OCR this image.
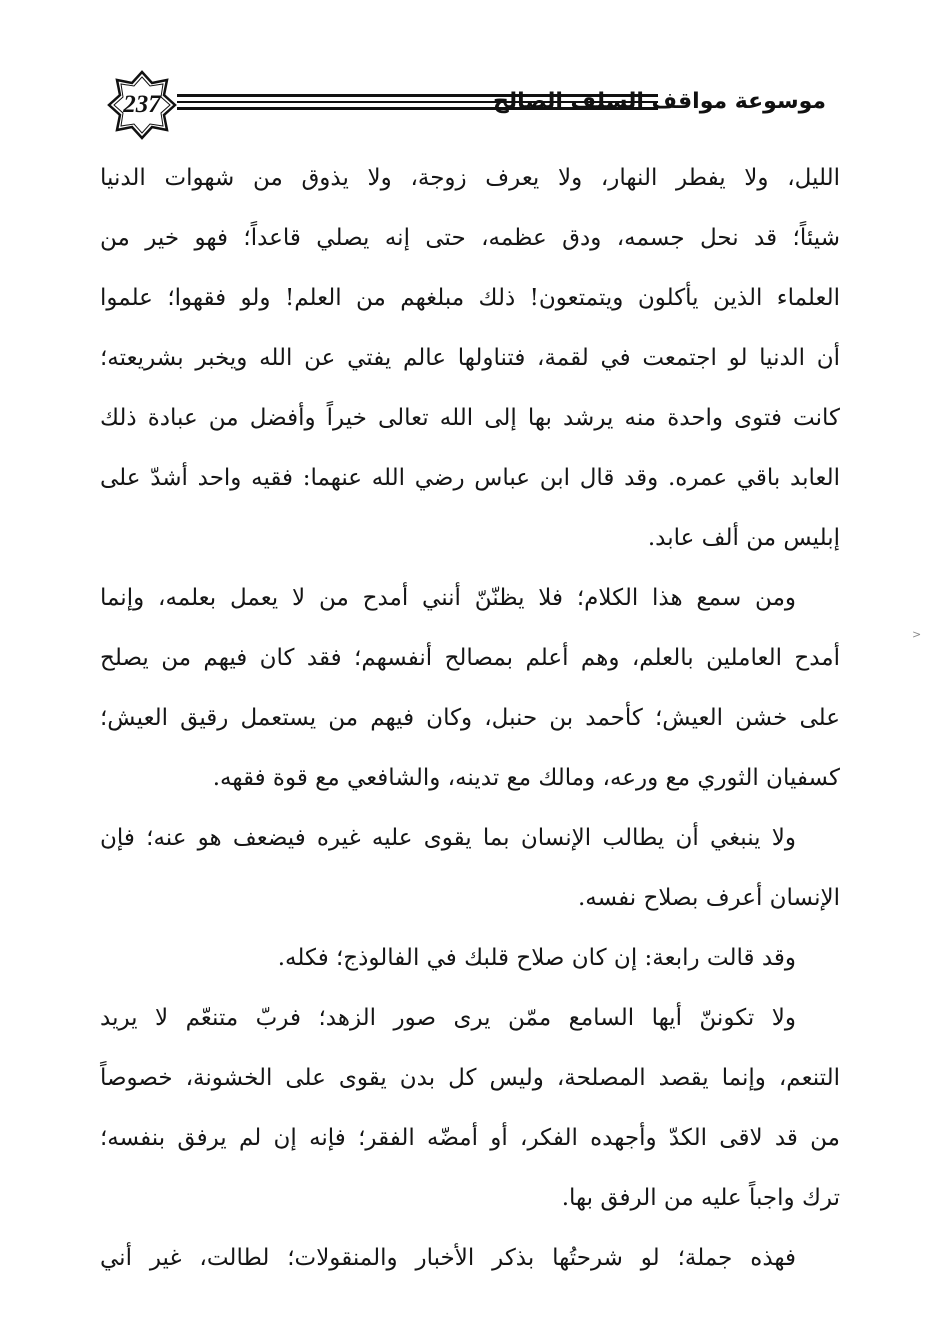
237	موسوعة مواقف السلف الصالح
الليل، ولا يفطر النهار، ولا يعرف زوجة، ولا يذوق من شهوات الدنيا
شيئاً؛ قد نحل جسمه، ودق عظمه، حتى إنه يصلي قاعداً؛ فهو خير من
العلماء الذين يأكلون ويتمتعون! ذلك مبلغهم من العلم! ولو فقهوا؛ علموا
أن الدنيا لو اجتمعت في لقمة، فتناولها عالم يفتي عن الله ويخبر بشريعته؛
كانت فتوى واحدة منه يرشد بها إلى الله تعالى خيراً وأفضل من عبادة ذلك
العابد باقي عمره. وقد قال ابن عباس رضي الله عنهما: فقيه واحد أشدّ على
إبليس من ألف عابد.
ومن سمع هذا الكلام؛ فلا يظنّنّ أنني أمدح من لا يعمل بعلمه، وإنما
أمدح العاملين بالعلم، وهم أعلم بمصالح أنفسهم؛ فقد كان فيهم من يصلح
على خشن العيش؛ كأحمد بن حنبل، وكان فيهم من يستعمل رقيق العيش؛
كسفيان الثوري مع ورعه، ومالك مع تدينه، والشافعي مع قوة فقهه.
ولا ينبغي أن يطالب الإنسان بما يقوى عليه غيره فيضعف هو عنه؛ فإن
الإنسان أعرف بصلاح نفسه.
وقد قالت رابعة: إن كان صلاح قلبك في الفالوذج؛ فكله.
ولا تكوننّ أيها السامع ممّن يرى صور الزهد؛ فربّ متنعّم لا يريد
التنعم، وإنما يقصد المصلحة، وليس كل بدن يقوى على الخشونة، خصوصاً
من قد لاقى الكدّ وأجهده الفكر، أو أمضّه الفقر؛ فإنه إن لم يرفق بنفسه؛
ترك واجباً عليه من الرفق بها.
فهذه جملة؛ لو شرحتُها بذكر الأخبار والمنقولات؛ لطالت، غير أني
>
